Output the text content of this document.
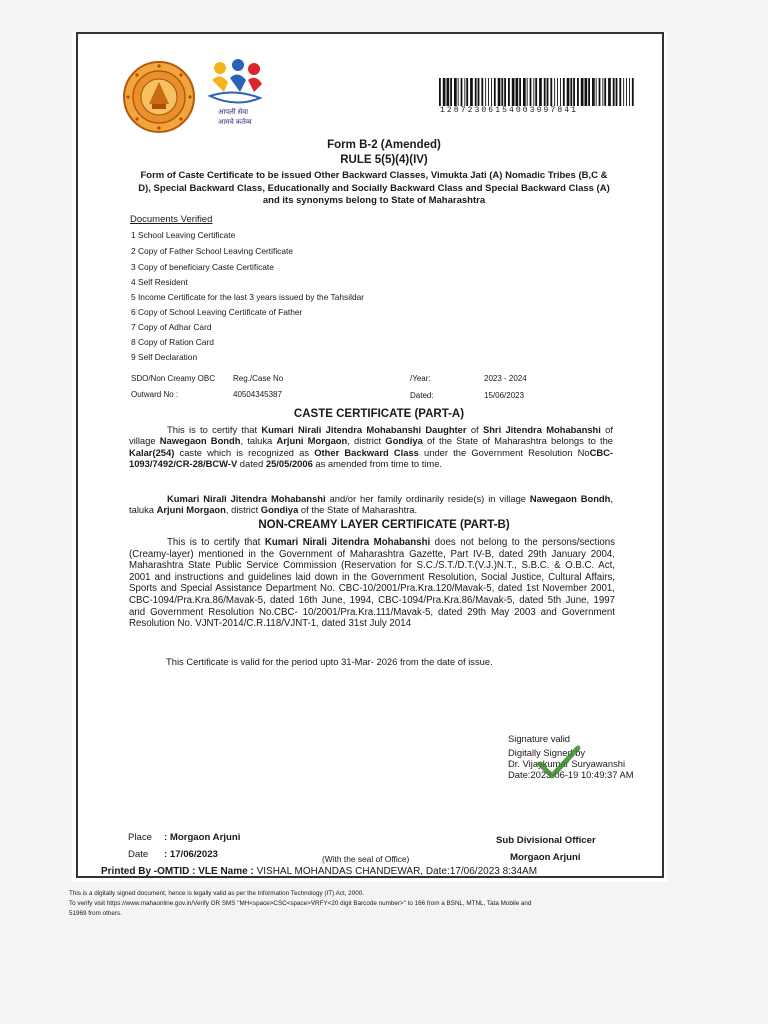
आपली सेवा
आमचे कर्तव्य
12872306154003997841
Form B-2 (Amended)
RULE 5(5)(4)(IV)
Form of Caste Certificate to be issued Other Backward Classes, Vimukta Jati (A) Nomadic Tribes (B,C & D), Special Backward Class, Educationally and Socially Backward Class and Special Backward Class (A) and its synonyms belong to State of Maharashtra
Documents Verified
1 School Leaving Certificate
2 Copy of Father School Leaving Certificate
3 Copy of beneficiary Caste Certificate
4 Self Resident
5 Income Certificate for the last 3 years issued by the Tahsildar
6 Copy of School Leaving Certificate of Father
7 Copy of Adhar Card
8 Copy of Ration Card
9 Self Declaration
SDO/Non Creamy OBC Reg./Case No	/Year:	2023 - 2024
Outward No :	40504345387	Dated:	15/06/2023
CASTE CERTIFICATE (PART-A)
This is to certify that Kumari Nirali Jitendra Mohabanshi Daughter of Shri Jitendra Mohabanshi of village Nawegaon Bondh, taluka Arjuni Morgaon, district Gondiya of the State of Maharashtra belongs to the Kalar(254) caste which is recognized as Other Backward Class under the Government Resolution NoCBC-1093/7492/CR-28/BCW-V dated 25/05/2006 as amended from time to time.
Kumari Nirali Jitendra Mohabanshi and/or her family ordinarily reside(s) in village Nawegaon Bondh, taluka Arjuni Morgaon, district Gondiya of the State of Maharashtra.
NON-CREAMY LAYER CERTIFICATE (PART-B)
This is to certify that Kumari Nirali Jitendra Mohabanshi does not belong to the persons/sections (Creamy-layer) mentioned in the Government of Maharashtra Gazette, Part IV-B, dated 29th January 2004, Maharashtra State Public Service Commission (Reservation for S.C./S.T./D.T.(V.J.)N.T., S.B.C. & O.B.C. Act, 2001 and instructions and guidelines laid down in the Government Resolution, Social Justice, Cultural Affairs, Sports and Special Assistance Department No. CBC-10/2001/Pra.Kra.120/Mavak-5, dated 1st November 2001, CBC-1094/Pra.Kra.86/Mavak-5, dated 16th June, 1994, CBC-1094/Pra.Kra.86/Mavak-5, dated 5th June, 1997 and Government Resolution No.CBC- 10/2001/Pra.Kra.111/Mavak-5, dated 29th May 2003 and Government Resolution No. VJNT-2014/C.R.118/VJNT-1, dated 31st July 2014
This Certificate is valid for the period upto 31-Mar- 2026 from the date of issue.
Signature valid
Digitally Signed by
Dr. Vijaykumar Suryawanshi
Date:2023-06-19 10:49:37 AM
Place : Morgaon Arjuni
Date : 17/06/2023	(With the seal of Office)
Sub Divisional Officer
Morgaon Arjuni
Printed By -OMTID : VLE Name : VISHAL MOHANDAS CHANDEWAR, Date:17/06/2023 8:34AM
This is a digitally signed document, hence is legally valid as per the Information Technology (IT) Act, 2000.
To verify visit https://www.mahaonline.gov.in/Verify OR SMS "MH<space>CSC<space>VRFY<20 digit Barcode number>" to 166 from a BSNL, MTNL, Tata Mobile and
51969 from others.
